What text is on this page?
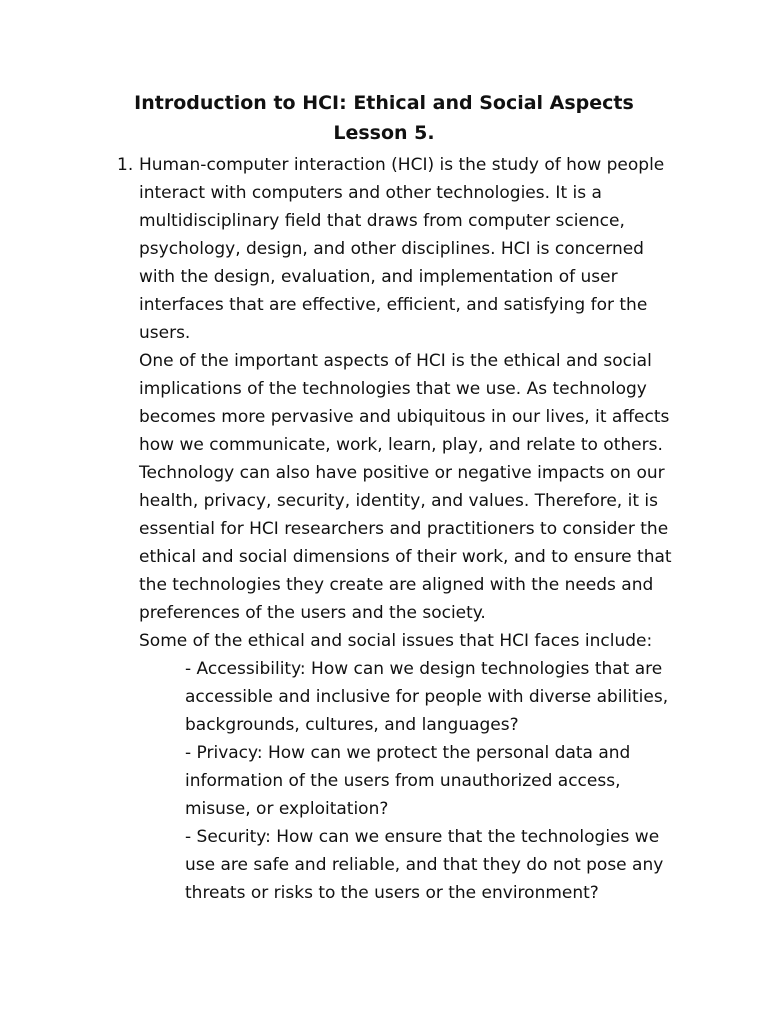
Introduction to HCI: Ethical and Social Aspects
Lesson 5.
1. Human-computer interaction (HCI) is the study of how people interact with computers and other technologies. It is a multidisciplinary field that draws from computer science, psychology, design, and other disciplines. HCI is concerned with the design, evaluation, and implementation of user interfaces that are effective, efficient, and satisfying for the users.

One of the important aspects of HCI is the ethical and social implications of the technologies that we use. As technology becomes more pervasive and ubiquitous in our lives, it affects how we communicate, work, learn, play, and relate to others. Technology can also have positive or negative impacts on our health, privacy, security, identity, and values. Therefore, it is essential for HCI researchers and practitioners to consider the ethical and social dimensions of their work, and to ensure that the technologies they create are aligned with the needs and preferences of the users and the society.

Some of the ethical and social issues that HCI faces include:

- Accessibility: How can we design technologies that are accessible and inclusive for people with diverse abilities, backgrounds, cultures, and languages?
- Privacy: How can we protect the personal data and information of the users from unauthorized access, misuse, or exploitation?
- Security: How can we ensure that the technologies we use are safe and reliable, and that they do not pose any threats or risks to the users or the environment?
